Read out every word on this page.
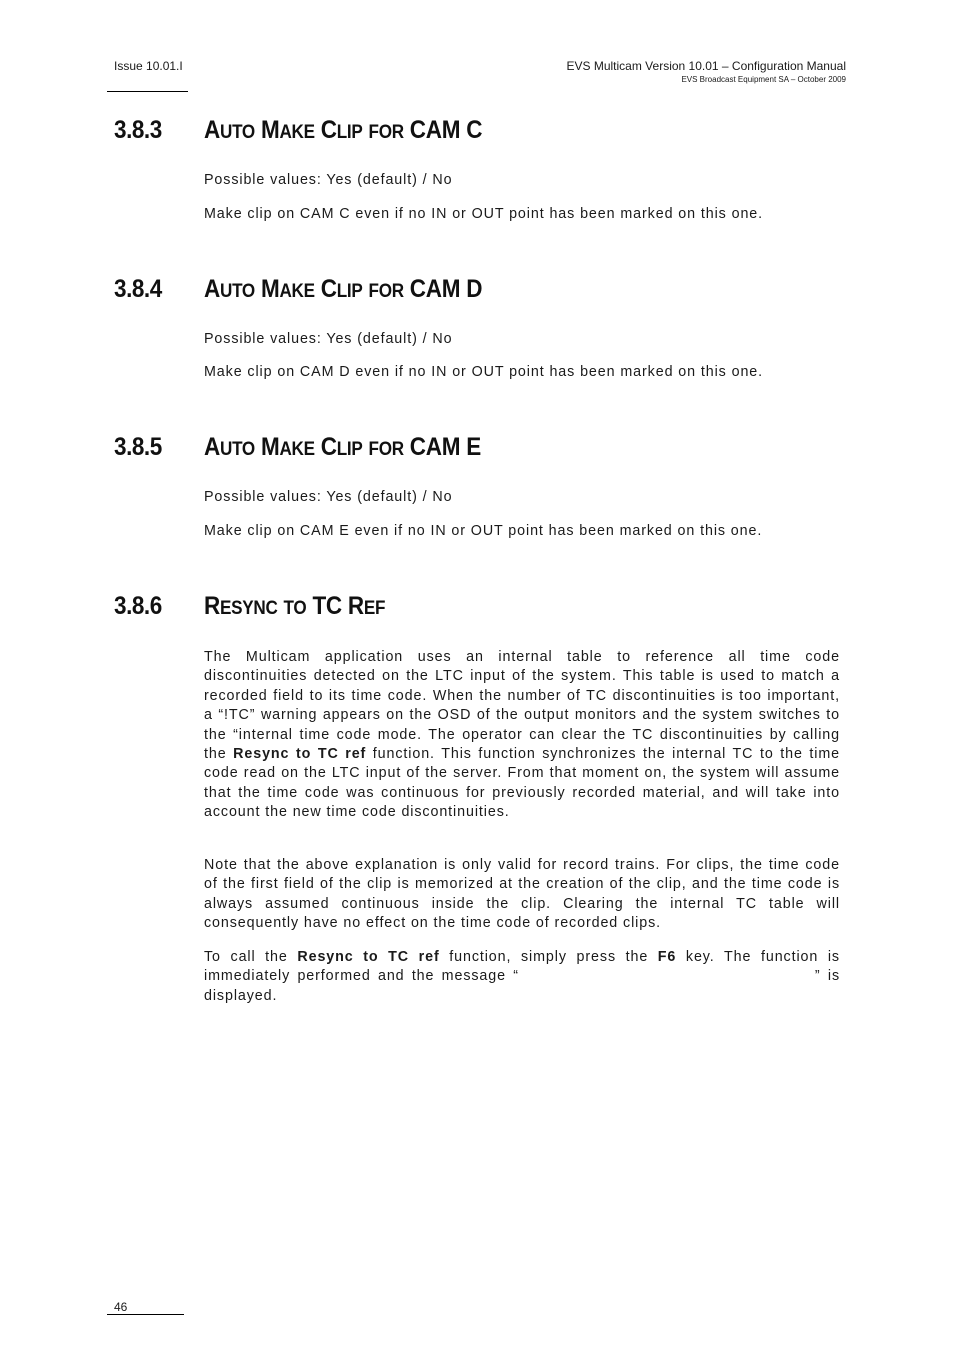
Issue 10.01.I	EVS Multicam Version 10.01 – Configuration Manual
EVS Broadcast Equipment SA – October 2009
3.8.3 AUTO MAKE CLIP FOR CAM C

Possible values: Yes (default) / No

Make clip on CAM C even if no IN or OUT point has been marked on this one.

3.8.4 AUTO MAKE CLIP FOR CAM D

Possible values: Yes (default) / No

Make clip on CAM D even if no IN or OUT point has been marked on this one.

3.8.5 AUTO MAKE CLIP FOR CAM E

Possible values: Yes (default) / No

Make clip on CAM E even if no IN or OUT point has been marked on this one.

3.8.6 RESYNC TO TC REF

The Multicam application uses an internal table to reference all time code discontinuities detected on the LTC input of the system. This table is used to match a recorded field to its time code. When the number of TC discontinuities is too important, a “!TC” warning appears on the OSD of the output monitors and the system switches to the “internal time code mode. The operator can clear the TC discontinuities by calling the Resync to TC ref function. This function synchronizes the internal TC to the time code read on the LTC input of the server. From that moment on, the system will assume that the time code was continuous for previously recorded material, and will take into account the new time code discontinuities.

Note that the above explanation is only valid for record trains. For clips, the time code of the first field of the clip is memorized at the creation of the clip, and the time code is always assumed continuous inside the clip. Clearing the internal TC table will consequently have no effect on the time code of recorded clips.

To call the Resync to TC ref function, simply press the F6 key. The function is immediately performed and the message “	” is displayed.

46
